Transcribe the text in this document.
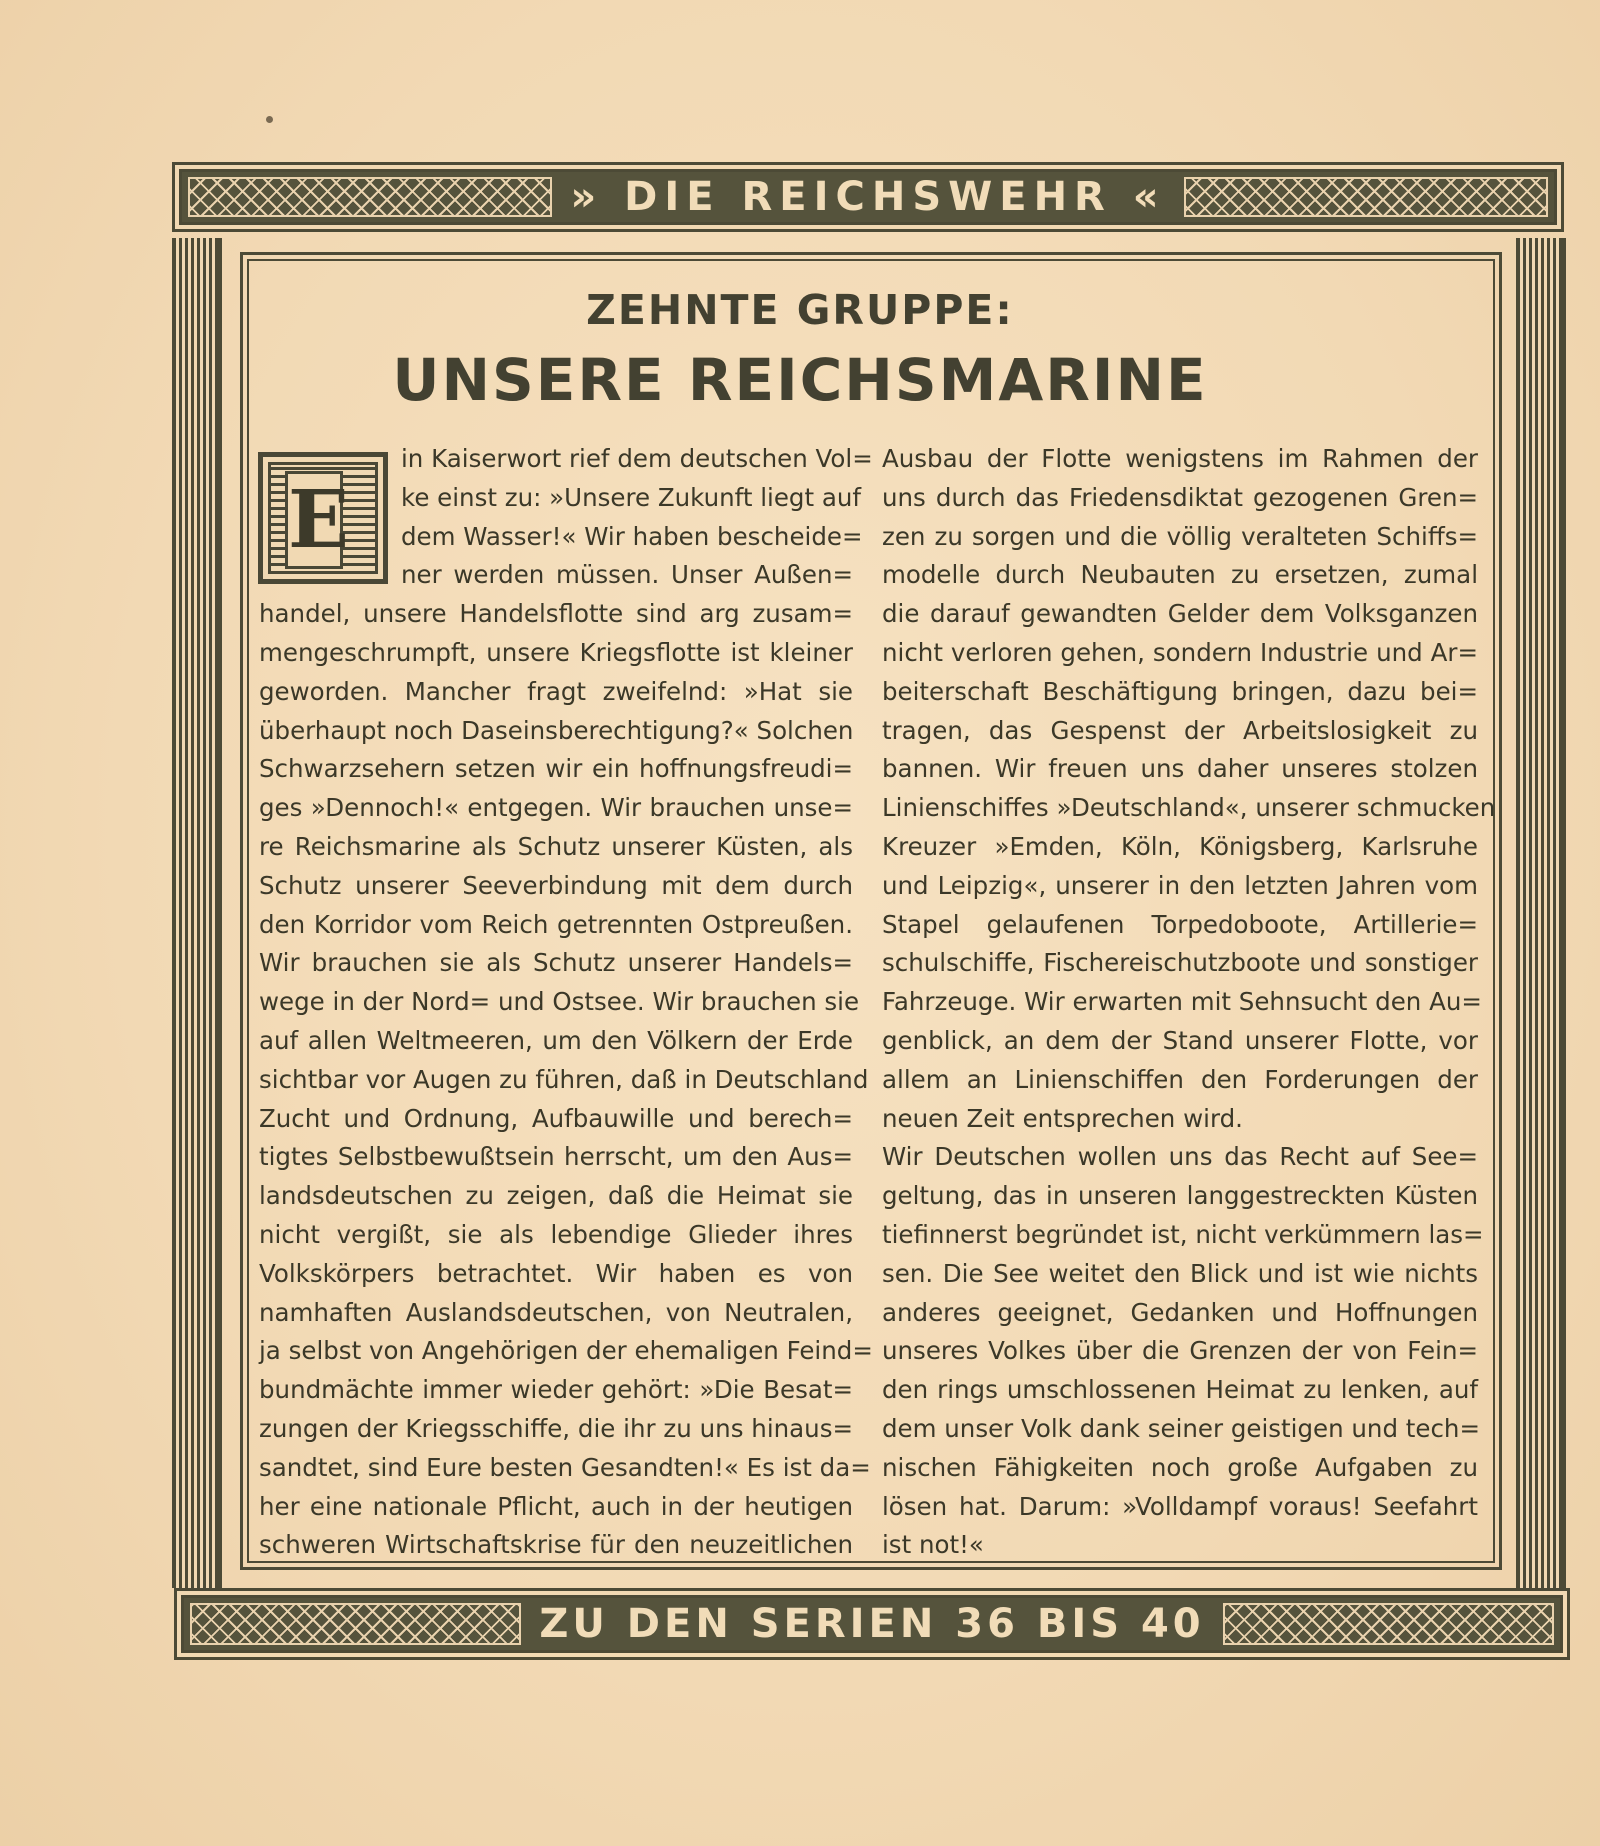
» DIE REICHSWEHR «
ZEHNTE GRUPPE:
UNSERE REICHSMARINE
E
in Kaiserwort rief dem deutschen Vol=
ke einst zu: »Unsere Zukunft liegt auf
dem Wasser!« Wir haben bescheide=
ner werden müssen. Unser Außen=
handel, unsere Handelsflotte sind arg zusam=
mengeschrumpft, unsere Kriegsflotte ist kleiner
geworden. Mancher fragt zweifelnd: »Hat sie
überhaupt noch Daseinsberechtigung?« Solchen
Schwarzsehern setzen wir ein hoffnungsfreudi=
ges »Dennoch!« entgegen. Wir brauchen unse=
re Reichsmarine als Schutz unserer Küsten, als
Schutz unserer Seeverbindung mit dem durch
den Korridor vom Reich getrennten Ostpreußen.
Wir brauchen sie als Schutz unserer Handels=
wege in der Nord= und Ostsee. Wir brauchen sie
auf allen Weltmeeren, um den Völkern der Erde
sichtbar vor Augen zu führen, daß in Deutschland
Zucht und Ordnung, Aufbauwille und berech=
tigtes Selbstbewußtsein herrscht, um den Aus=
landsdeutschen zu zeigen, daß die Heimat sie
nicht vergißt, sie als lebendige Glieder ihres
Volkskörpers betrachtet. Wir haben es von
namhaften Auslandsdeutschen, von Neutralen,
ja selbst von Angehörigen der ehemaligen Feind=
bundmächte immer wieder gehört: »Die Besat=
zungen der Kriegsschiffe, die ihr zu uns hinaus=
sandtet, sind Eure besten Gesandten!« Es ist da=
her eine nationale Pflicht, auch in der heutigen
schweren Wirtschaftskrise für den neuzeitlichen
Ausbau der Flotte wenigstens im Rahmen der
uns durch das Friedensdiktat gezogenen Gren=
zen zu sorgen und die völlig veralteten Schiffs=
modelle durch Neubauten zu ersetzen, zumal
die darauf gewandten Gelder dem Volksganzen
nicht verloren gehen, sondern Industrie und Ar=
beiterschaft Beschäftigung bringen, dazu bei=
tragen, das Gespenst der Arbeitslosigkeit zu
bannen. Wir freuen uns daher unseres stolzen
Linienschiffes »Deutschland«, unserer schmucken
Kreuzer »Emden, Köln, Königsberg, Karlsruhe
und Leipzig«, unserer in den letzten Jahren vom
Stapel gelaufenen Torpedoboote, Artillerie=
schulschiffe, Fischereischutzboote und sonstiger
Fahrzeuge. Wir erwarten mit Sehnsucht den Au=
genblick, an dem der Stand unserer Flotte, vor
allem an Linienschiffen den Forderungen der
neuen Zeit entsprechen wird.
Wir Deutschen wollen uns das Recht auf See=
geltung, das in unseren langgestreckten Küsten
tiefinnerst begründet ist, nicht verkümmern las=
sen. Die See weitet den Blick und ist wie nichts
anderes geeignet, Gedanken und Hoffnungen
unseres Volkes über die Grenzen der von Fein=
den rings umschlossenen Heimat zu lenken, auf
dem unser Volk dank seiner geistigen und tech=
nischen Fähigkeiten noch große Aufgaben zu
lösen hat. Darum: »Volldampf voraus! Seefahrt
ist not!«
ZU DEN SERIEN 36 BIS 40
